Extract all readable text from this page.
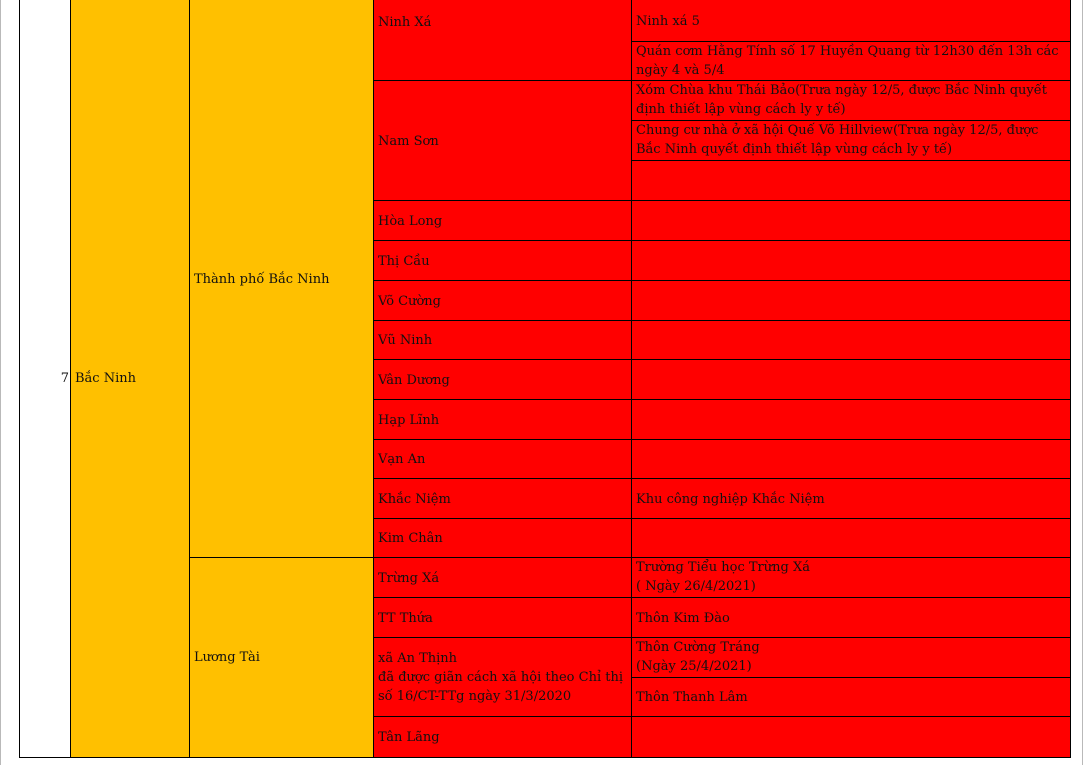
7 Bắc Ninh
Thành phố Bắc Ninh
Lương Tài
Ninh Xá
Nam Sơn
Hòa Long
Thị Cầu
Võ Cường
Vũ Ninh
Vân Dương
Hạp Lĩnh
Vạn An
Khắc Niệm
Kim Chân
Trừng Xá
TT Thứa
xã An Thịnh
đã được giãn cách xã hội theo Chỉ thị số 16/CT-TTg ngày 31/3/2020
Tân Lãng
Ninh xá 5
Quán cơm Hằng Tính số 17 Huyền Quang từ 12h30 đến 13h các ngày 4 và 5/4
Xóm Chùa khu Thái Bảo(Trưa ngày 12/5, được Bắc Ninh quyết định thiết lập vùng cách ly y tế)
Chung cư nhà ở xã hội Quế Võ Hillview(Trưa ngày 12/5, được Bắc Ninh quyết định thiết lập vùng cách ly y tế)
Khu công nghiệp Khắc Niệm
Trường Tiểu học Trừng Xá
( Ngày 26/4/2021)
Thôn Kim Đào
Thôn Cường Tráng
(Ngày 25/4/2021)
Thôn Thanh Lâm
